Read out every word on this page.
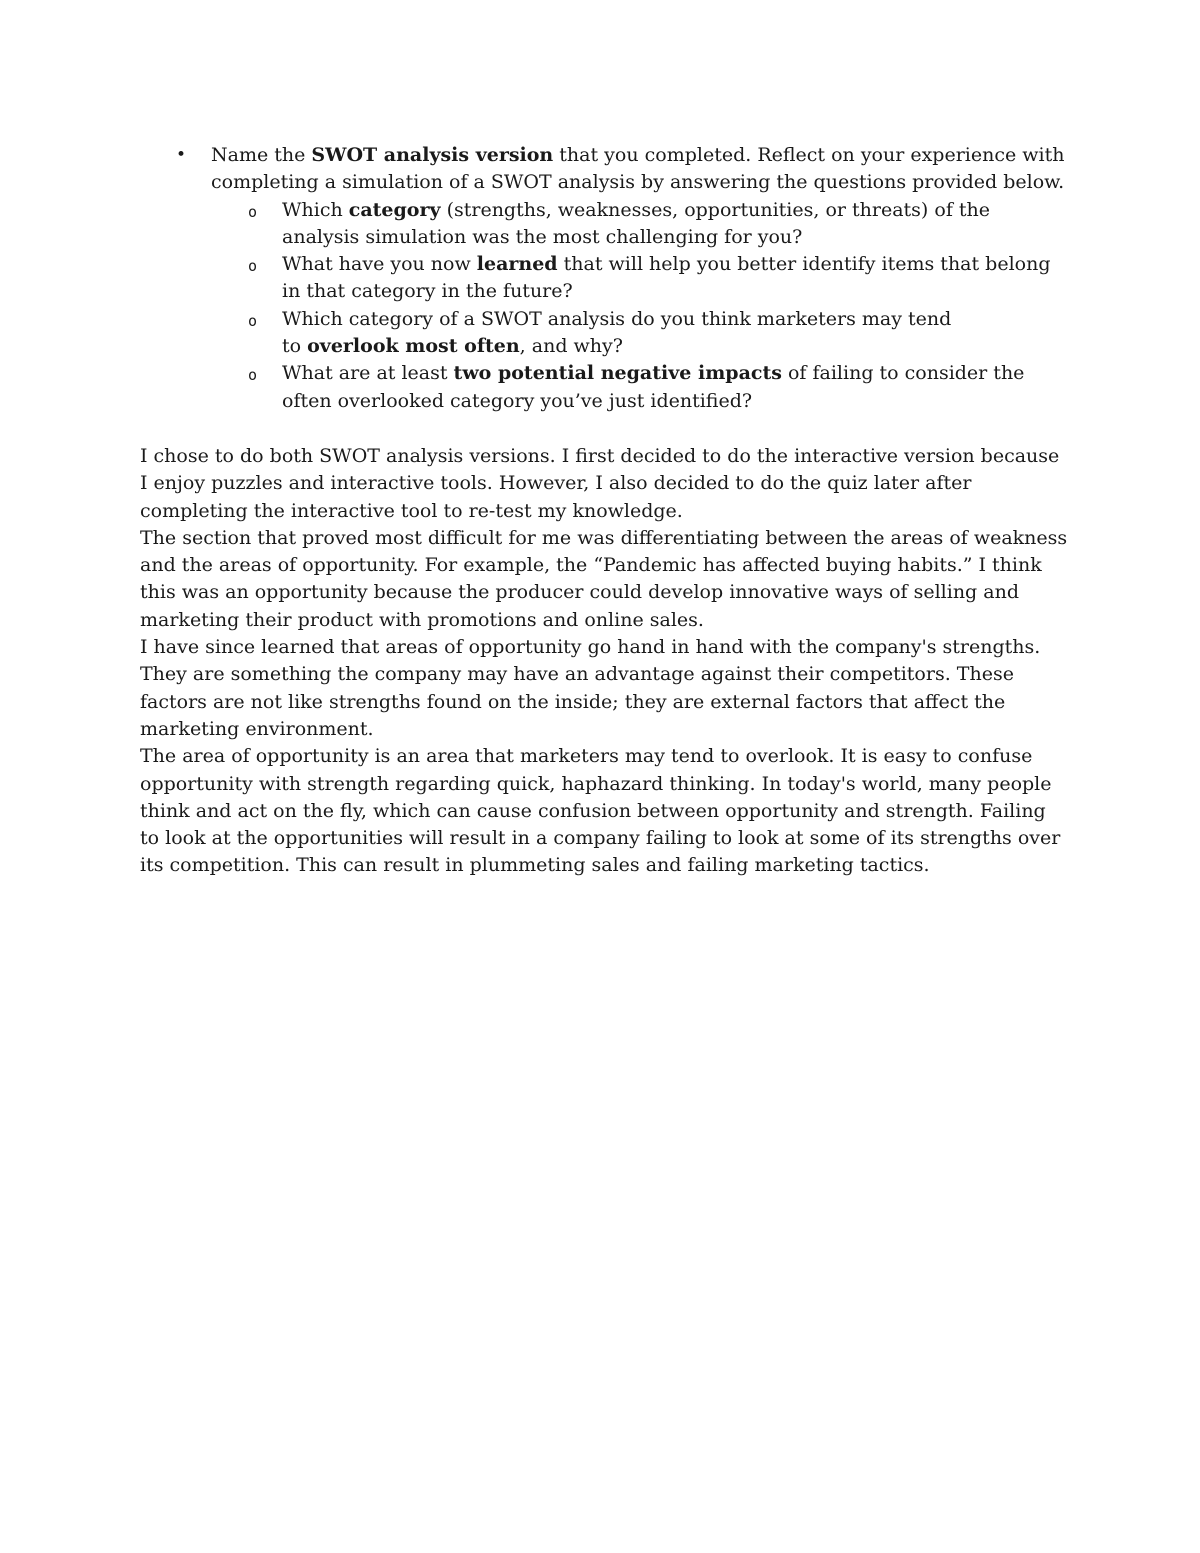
• Name the SWOT analysis version that you completed. Reflect on your experience with completing a simulation of a SWOT analysis by answering the questions provided below.
o Which category (strengths, weaknesses, opportunities, or threats) of the analysis simulation was the most challenging for you?
o What have you now learned that will help you better identify items that belong in that category in the future?
o Which category of a SWOT analysis do you think marketers may tend
to overlook most often, and why?
o What are at least two potential negative impacts of failing to consider the often overlooked category you’ve just identified?

I chose to do both SWOT analysis versions. I first decided to do the interactive version because I enjoy puzzles and interactive tools. However, I also decided to do the quiz later after completing the interactive tool to re-test my knowledge.

The section that proved most difficult for me was differentiating between the areas of weakness and the areas of opportunity. For example, the “Pandemic has affected buying habits.” I think this was an opportunity because the producer could develop innovative ways of selling and marketing their product with promotions and online sales.

I have since learned that areas of opportunity go hand in hand with the company's strengths. They are something the company may have an advantage against their competitors. These factors are not like strengths found on the inside; they are external factors that affect the marketing environment.

The area of opportunity is an area that marketers may tend to overlook. It is easy to confuse opportunity with strength regarding quick, haphazard thinking. In today's world, many people think and act on the fly, which can cause confusion between opportunity and strength. Failing to look at the opportunities will result in a company failing to look at some of its strengths over its competition. This can result in plummeting sales and failing marketing tactics.
